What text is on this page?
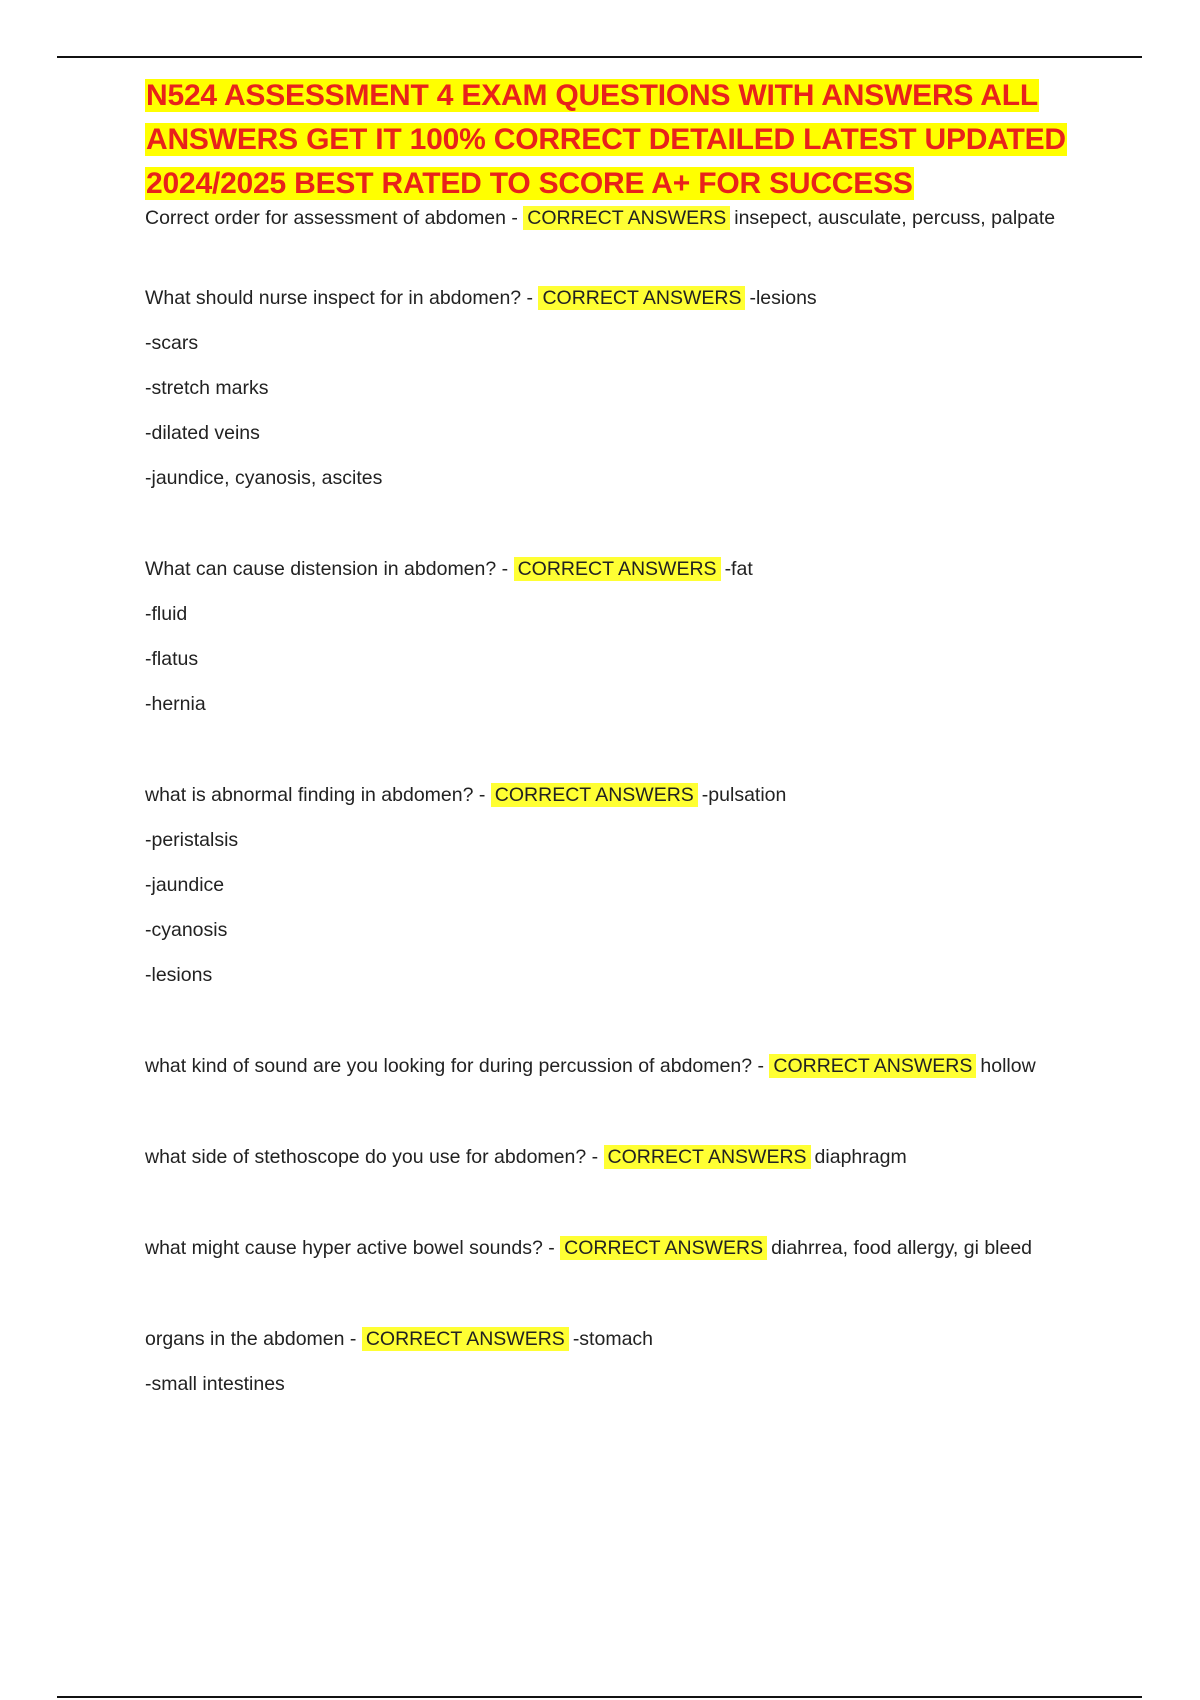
N524 ASSESSMENT 4 EXAM QUESTIONS WITH ANSWERS ALL ANSWERS GET IT 100% CORRECT DETAILED LATEST UPDATED 2024/2025 BEST RATED TO SCORE A+ FOR SUCCESS
Correct order for assessment of abdomen - CORRECT ANSWERS insepect, ausculate, percuss, palpate
What should nurse inspect for in abdomen? - CORRECT ANSWERS -lesions
-scars
-stretch marks
-dilated veins
-jaundice, cyanosis, ascites
What can cause distension in abdomen? - CORRECT ANSWERS -fat
-fluid
-flatus
-hernia
what is abnormal finding in abdomen? - CORRECT ANSWERS -pulsation
-peristalsis
-jaundice
-cyanosis
-lesions
what kind of sound are you looking for during percussion of abdomen? - CORRECT ANSWERS hollow
what side of stethoscope do you use for abdomen? - CORRECT ANSWERS diaphragm
what might cause hyper active bowel sounds? - CORRECT ANSWERS diahrrea, food allergy, gi bleed
organs in the abdomen - CORRECT ANSWERS -stomach
-small intestines
